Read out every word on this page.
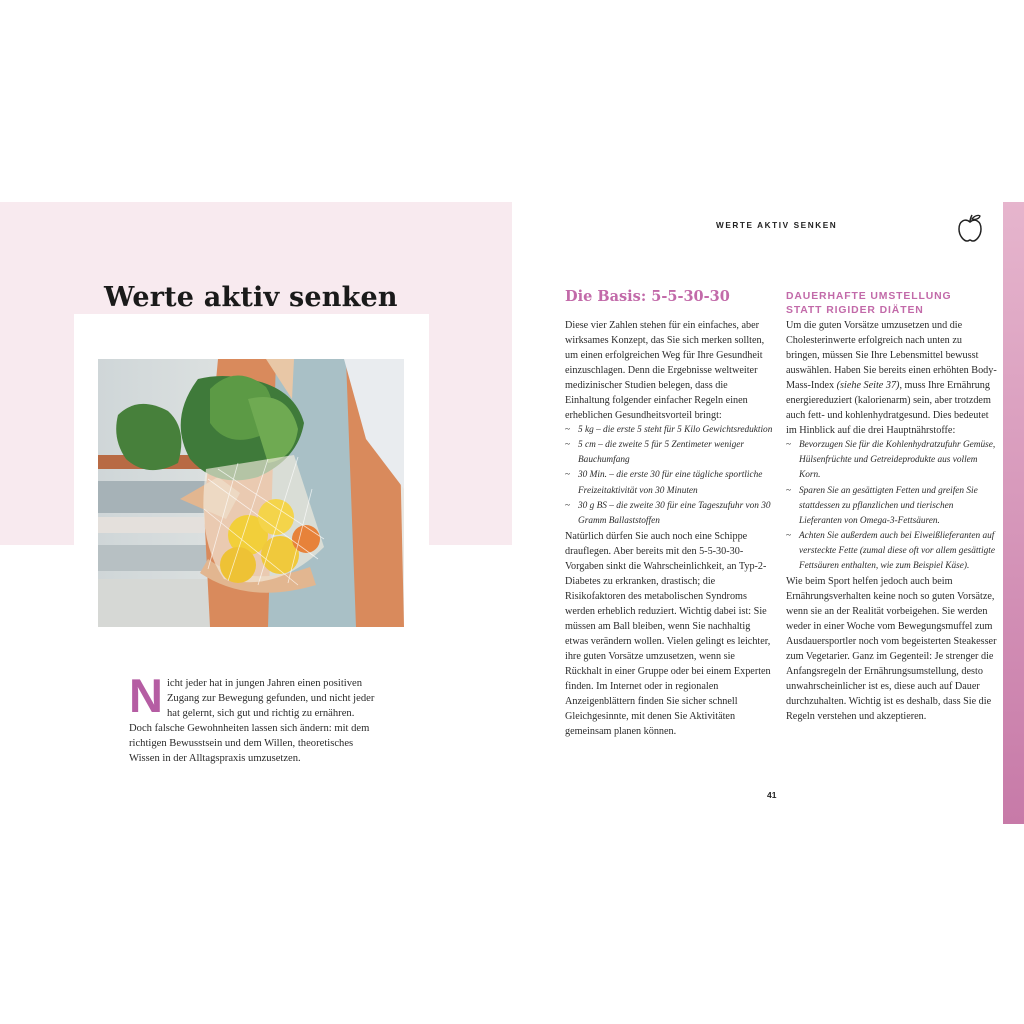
Werte aktiv senken

Nicht jeder hat in jungen Jahren einen positiven Zugang zur Bewegung gefunden, und nicht jeder hat gelernt, sich gut und richtig zu ernähren. Doch falsche Gewohnheiten lassen sich ändern: mit dem richtigen Bewusstsein und dem Willen, theoretisches Wissen in der Alltagspraxis umzusetzen.

WERTE AKTIV SENKEN
Die Basis: 5-5-30-30	DAUERHAFTE UMSTELLUNG
STATT RIGIDER DIÄTEN

Diese vier Zahlen stehen für ein einfaches, aber wirksames Konzept, das Sie sich merken sollten, um einen erfolgreichen Weg für Ihre Gesundheit einzuschlagen. Denn die Ergebnisse weltweiter medizinischer Studien belegen, dass die Einhaltung folgender einfacher Regeln einen erheblichen Gesundheitsvorteil bringt:

~ 5 kg – die erste 5 steht für 5 Kilo Gewichtsreduktion
~ 5 cm – die zweite 5 für 5 Zentimeter weniger Bauchumfang
~ 30 Min. – die erste 30 für eine tägliche sportliche Freizeitaktivität von 30 Minuten
~ 30 g BS – die zweite 30 für eine Tageszufuhr von 30 Gramm Ballaststoffen

Natürlich dürfen Sie auch noch eine Schippe drauflegen. Aber bereits mit den 5-5-30-30-Vorgaben sinkt die Wahrscheinlichkeit, an Typ-2-Diabetes zu erkranken, drastisch; die Risikofaktoren des metabolischen Syndroms werden erheblich reduziert. Wichtig dabei ist: Sie müssen am Ball bleiben, wenn Sie nachhaltig etwas verändern wollen. Vielen gelingt es leichter, ihre guten Vorsätze umzusetzen, wenn sie Rückhalt in einer Gruppe oder bei einem Experten finden. Im Internet oder in regionalen Anzeigenblättern finden Sie sicher schnell Gleichgesinnte, mit denen Sie Aktivitäten gemeinsam planen können.

Um die guten Vorsätze umzusetzen und die Cholesterinwerte erfolgreich nach unten zu bringen, müssen Sie Ihre Lebensmittel bewusst auswählen. Haben Sie bereits einen erhöhten Body-Mass-Index (siehe Seite 37), muss Ihre Ernährung energiereduziert (kalorienarm) sein, aber trotzdem auch fett- und kohlenhydratgesund. Dies bedeutet im Hinblick auf die drei Hauptnährstoffe:

~ Bevorzugen Sie für die Kohlenhydratzufuhr Gemüse, Hülsenfrüchte und Getreideprodukte aus vollem Korn.
~ Sparen Sie an gesättigten Fetten und greifen Sie stattdessen zu pflanzlichen und tierischen Lieferanten von Omega-3-Fettsäuren.
~ Achten Sie außerdem auch bei Eiweißlieferanten auf versteckte Fette (zumal diese oft vor allem gesättigte Fettsäuren enthalten, wie zum Beispiel Käse).

Wie beim Sport helfen jedoch auch beim Ernährungsverhalten keine noch so guten Vorsätze, wenn sie an der Realität vorbeigehen. Sie werden weder in einer Woche vom Bewegungsmuffel zum Ausdauersportler noch vom begeisterten Steakesser zum Vegetarier. Ganz im Gegenteil: Je strenger die Anfangsregeln der Ernährungsumstellung, desto unwahrscheinlicher ist es, diese auch auf Dauer durchzuhalten. Wichtig ist es deshalb, dass Sie die Regeln verstehen und akzeptieren.

41
